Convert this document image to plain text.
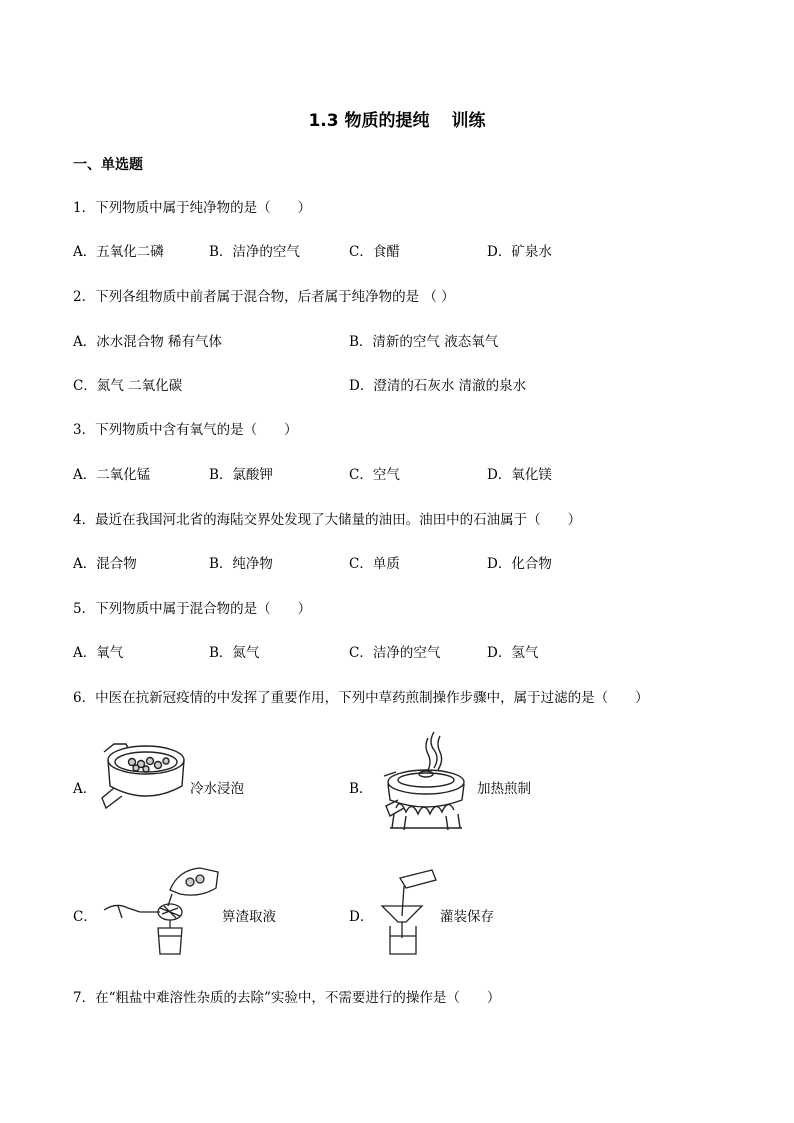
1.3 物质的提纯 训练
一、单选题
1．下列物质中属于纯净物的是（　　）
A．五氧化二磷	B．洁净的空气	C．食醋	D．矿泉水
2．下列各组物质中前者属于混合物，后者属于纯净物的是 （ ）
A．冰水混合物 稀有气体	B．清新的空气 液态氧气
C．氮气 二氧化碳	D．澄清的石灰水 清澈的泉水
3．下列物质中含有氧气的是（　　）
A．二氧化锰	B．氯酸钾	C．空气	D．氧化镁
4．最近在我国河北省的海陆交界处发现了大储量的油田。油田中的石油属于（　　）
A．混合物	B．纯净物	C．单质	D．化合物
5．下列物质中属于混合物的是（　　）
A．氧气	B．氮气	C．洁净的空气	D．氢气
6．中医在抗新冠疫情的中发挥了重要作用，下列中草药煎制操作步骤中，属于过滤的是（　　）
A．	冷水浸泡	B．	加热煎制
C．	箅渣取液	D．	灌装保存
7．在“粗盐中难溶性杂质的去除”实验中，不需要进行的操作是（　　）
